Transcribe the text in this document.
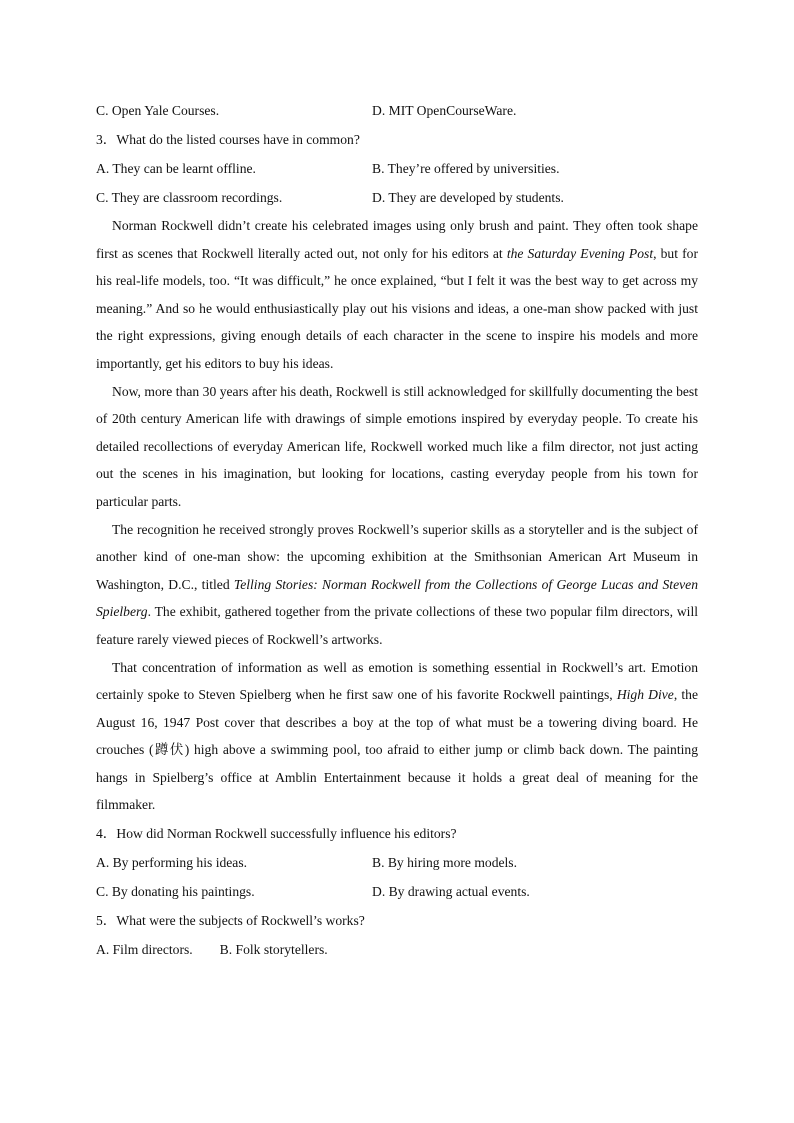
C. Open Yale Courses.	D. MIT OpenCourseWare.
3．What do the listed courses have in common?
A. They can be learnt offline.	B. They’re offered by universities.
C. They are classroom recordings.	D. They are developed by students.

Norman Rockwell didn’t create his celebrated images using only brush and paint. They often took shape first as scenes that Rockwell literally acted out, not only for his editors at the Saturday Evening Post, but for his real-life models, too. “It was difficult,” he once explained, “but I felt it was the best way to get across my meaning.” And so he would enthusiastically play out his visions and ideas, a one-man show packed with just the right expressions, giving enough details of each character in the scene to inspire his models and more importantly, get his editors to buy his ideas.

Now, more than 30 years after his death, Rockwell is still acknowledged for skillfully documenting the best of 20th century American life with drawings of simple emotions inspired by everyday people. To create his detailed recollections of everyday American life, Rockwell worked much like a film director, not just acting out the scenes in his imagination, but looking for locations, casting everyday people from his town for particular parts.

The recognition he received strongly proves Rockwell’s superior skills as a storyteller and is the subject of another kind of one-man show: the upcoming exhibition at the Smithsonian American Art Museum in Washington, D.C., titled Telling Stories: Norman Rockwell from the Collections of George Lucas and Steven Spielberg. The exhibit, gathered together from the private collections of these two popular film directors, will feature rarely viewed pieces of Rockwell’s artworks.

That concentration of information as well as emotion is something essential in Rockwell’s art. Emotion certainly spoke to Steven Spielberg when he first saw one of his favorite Rockwell paintings, High Dive, the August 16, 1947 Post cover that describes a boy at the top of what must be a towering diving board. He crouches (蹲伏) high above a swimming pool, too afraid to either jump or climb back down. The painting hangs in Spielberg’s office at Amblin Entertainment because it holds a great deal of meaning for the filmmaker.

4．How did Norman Rockwell successfully influence his editors?
A. By performing his ideas.	B. By hiring more models.
C. By donating his paintings.	D. By drawing actual events.
5．What were the subjects of Rockwell’s works?
A. Film directors. B. Folk storytellers.
